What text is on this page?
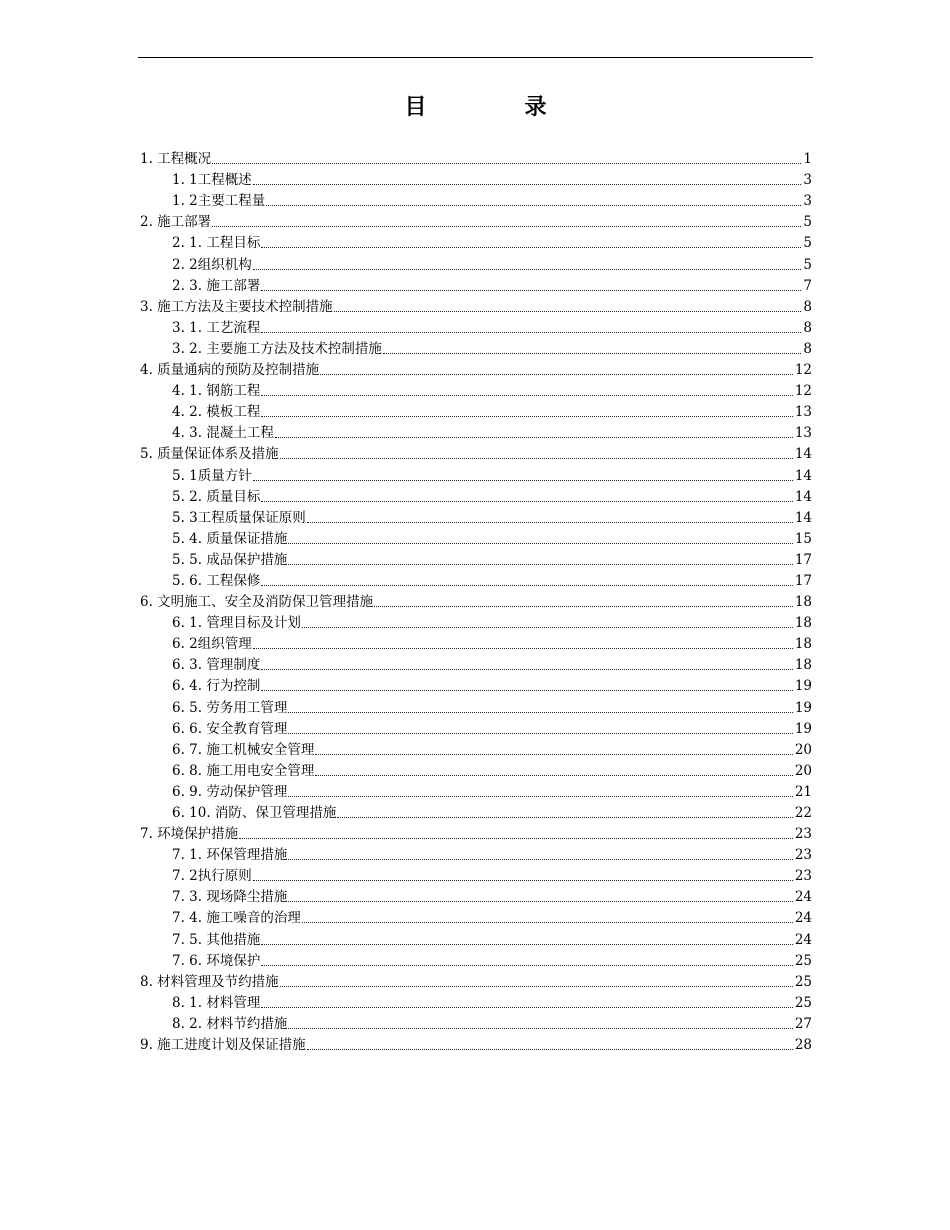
目　录
1. 工程概况	1
1. 1工程概述	3
1. 2主要工程量	3
2. 施工部署	5
2. 1. 工程目标	5
2. 2组织机构	5
2. 3. 施工部署	7
3. 施工方法及主要技术控制措施	8
3. 1. 工艺流程	8
3. 2. 主要施工方法及技术控制措施	8
4. 质量通病的预防及控制措施	12
4. 1. 钢筋工程	12
4. 2. 模板工程	13
4. 3. 混凝土工程	13
5. 质量保证体系及措施	14
5. 1质量方针	14
5. 2. 质量目标	14
5. 3工程质量保证原则	14
5. 4. 质量保证措施	15
5. 5. 成品保护措施	17
5. 6. 工程保修	17
6. 文明施工、安全及消防保卫管理措施	18
6. 1. 管理目标及计划	18
6. 2组织管理	18
6. 3. 管理制度	18
6. 4. 行为控制	19
6. 5. 劳务用工管理	19
6. 6. 安全教育管理	19
6. 7. 施工机械安全管理	20
6. 8. 施工用电安全管理	20
6. 9. 劳动保护管理	21
6. 10. 消防、保卫管理措施	22
7. 环境保护措施	23
7. 1. 环保管理措施	23
7. 2执行原则	23
7. 3. 现场降尘措施	24
7. 4. 施工噪音的治理	24
7. 5. 其他措施	24
7. 6. 环境保护	25
8. 材料管理及节约措施	25
8. 1. 材料管理	25
8. 2. 材料节约措施	27
9. 施工进度计划及保证措施	28
